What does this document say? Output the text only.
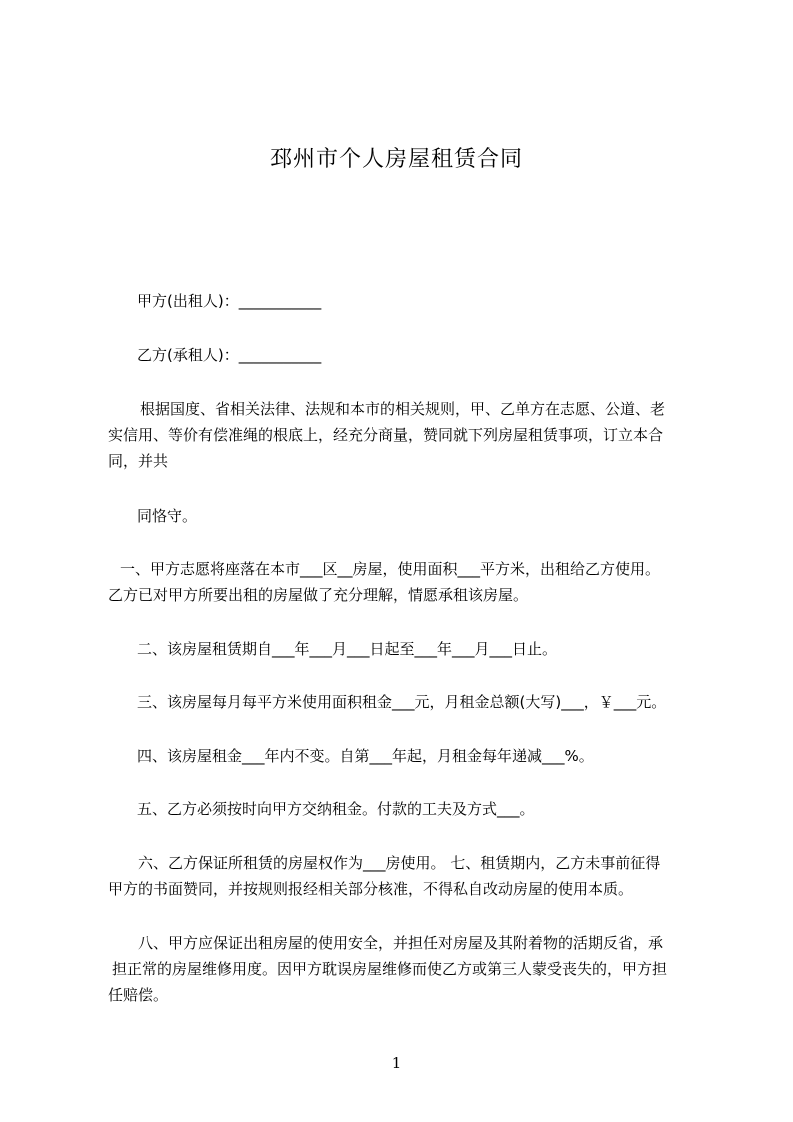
邳州市个人房屋租赁合同

甲方(出租人)：___________

乙方(承租人)：___________

根据国度、省相关法律、法规和本市的相关规则，甲、乙单方在志愿、公道、老
实信用、等价有偿准绳的根底上，经充分商量，赞同就下列房屋租赁事项，订立本合
同，并共

同恪守。

一、甲方志愿将座落在本市___区__房屋，使用面积___平方米，出租给乙方使用。
乙方已对甲方所要出租的房屋做了充分理解，情愿承租该房屋。

二、该房屋租赁期自___年___月___日起至___年___月___日止。

三、该房屋每月每平方米使用面积租金___元，月租金总额(大写)___，￥___元。

四、该房屋租金___年内不变。自第___年起，月租金每年递减___%。

五、乙方必须按时向甲方交纳租金。付款的工夫及方式___。

六、乙方保证所租赁的房屋权作为___房使用。 七、租赁期内，乙方未事前征得
甲方的书面赞同，并按规则报经相关部分核准，不得私自改动房屋的使用本质。

八、甲方应保证出租房屋的使用安全，并担任对房屋及其附着物的活期反省，承
担正常的房屋维修用度。因甲方耽误房屋维修而使乙方或第三人蒙受丧失的，甲方担
任赔偿。

1
